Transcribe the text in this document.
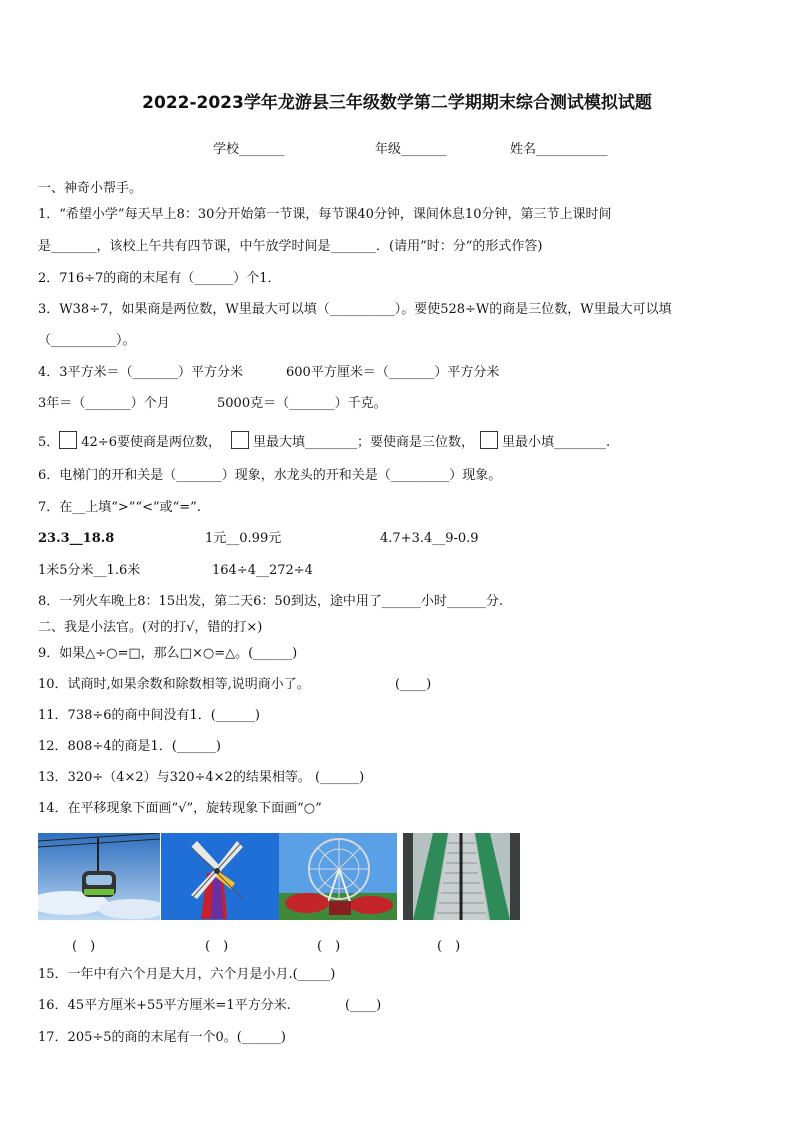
2022-2023学年龙游县三年级数学第二学期期末综合测试模拟试题
学校_______	年级_______	姓名___________
一、神奇小帮手。
1．“希望小学”每天早上8：30分开始第一节课，每节课40分钟，课间休息10分钟，第三节上课时间
是_______，该校上午共有四节课，中午放学时间是_______．(请用”时：分“的形式作答)
2．716÷7的商的末尾有（______）个1．
3．W38÷7，如果商是两位数，W里最大可以填（__________）。要使528÷W的商是三位数，W里最大可以填
（__________）。
4．3平方米＝（_______）平方分米	600平方厘米＝（_______）平方分米
3年＝（_______）个月	5000克＝（_______）千克。
5． 42÷6要使商是两位数， 里最大填________；要使商是三位数， 里最小填________.
6．电梯门的开和关是（_______）现象，水龙头的开和关是（_________）现象。
7．在__上填“>”“<”或“=”.
23.3__18.8	1元__0.99元	4.7+3.4__9-0.9
1米5分米__1.6米	164÷4__272÷4
8．一列火车晚上8：15出发，第二天6：50到达，途中用了______小时______分.
二、我是小法官。(对的打√，错的打×)
9．如果△÷○=□，那么□×○=△。(______)
10．试商时,如果余数和除数相等,说明商小了。	(____)
11．738÷6的商中间没有1．(______)
12．808÷4的商是1．(______)
13．320÷（4×2）与320÷4×2的结果相等。 (______)
14．在平移现象下面画“√”，旋转现象下面画“○”
(　)	(　)	(　)	(　)
15．一年中有六个月是大月，六个月是小月.(_____)
16．45平方厘米+55平方厘米=1平方分米.	(____)
17．205÷5的商的末尾有一个0。(______)
